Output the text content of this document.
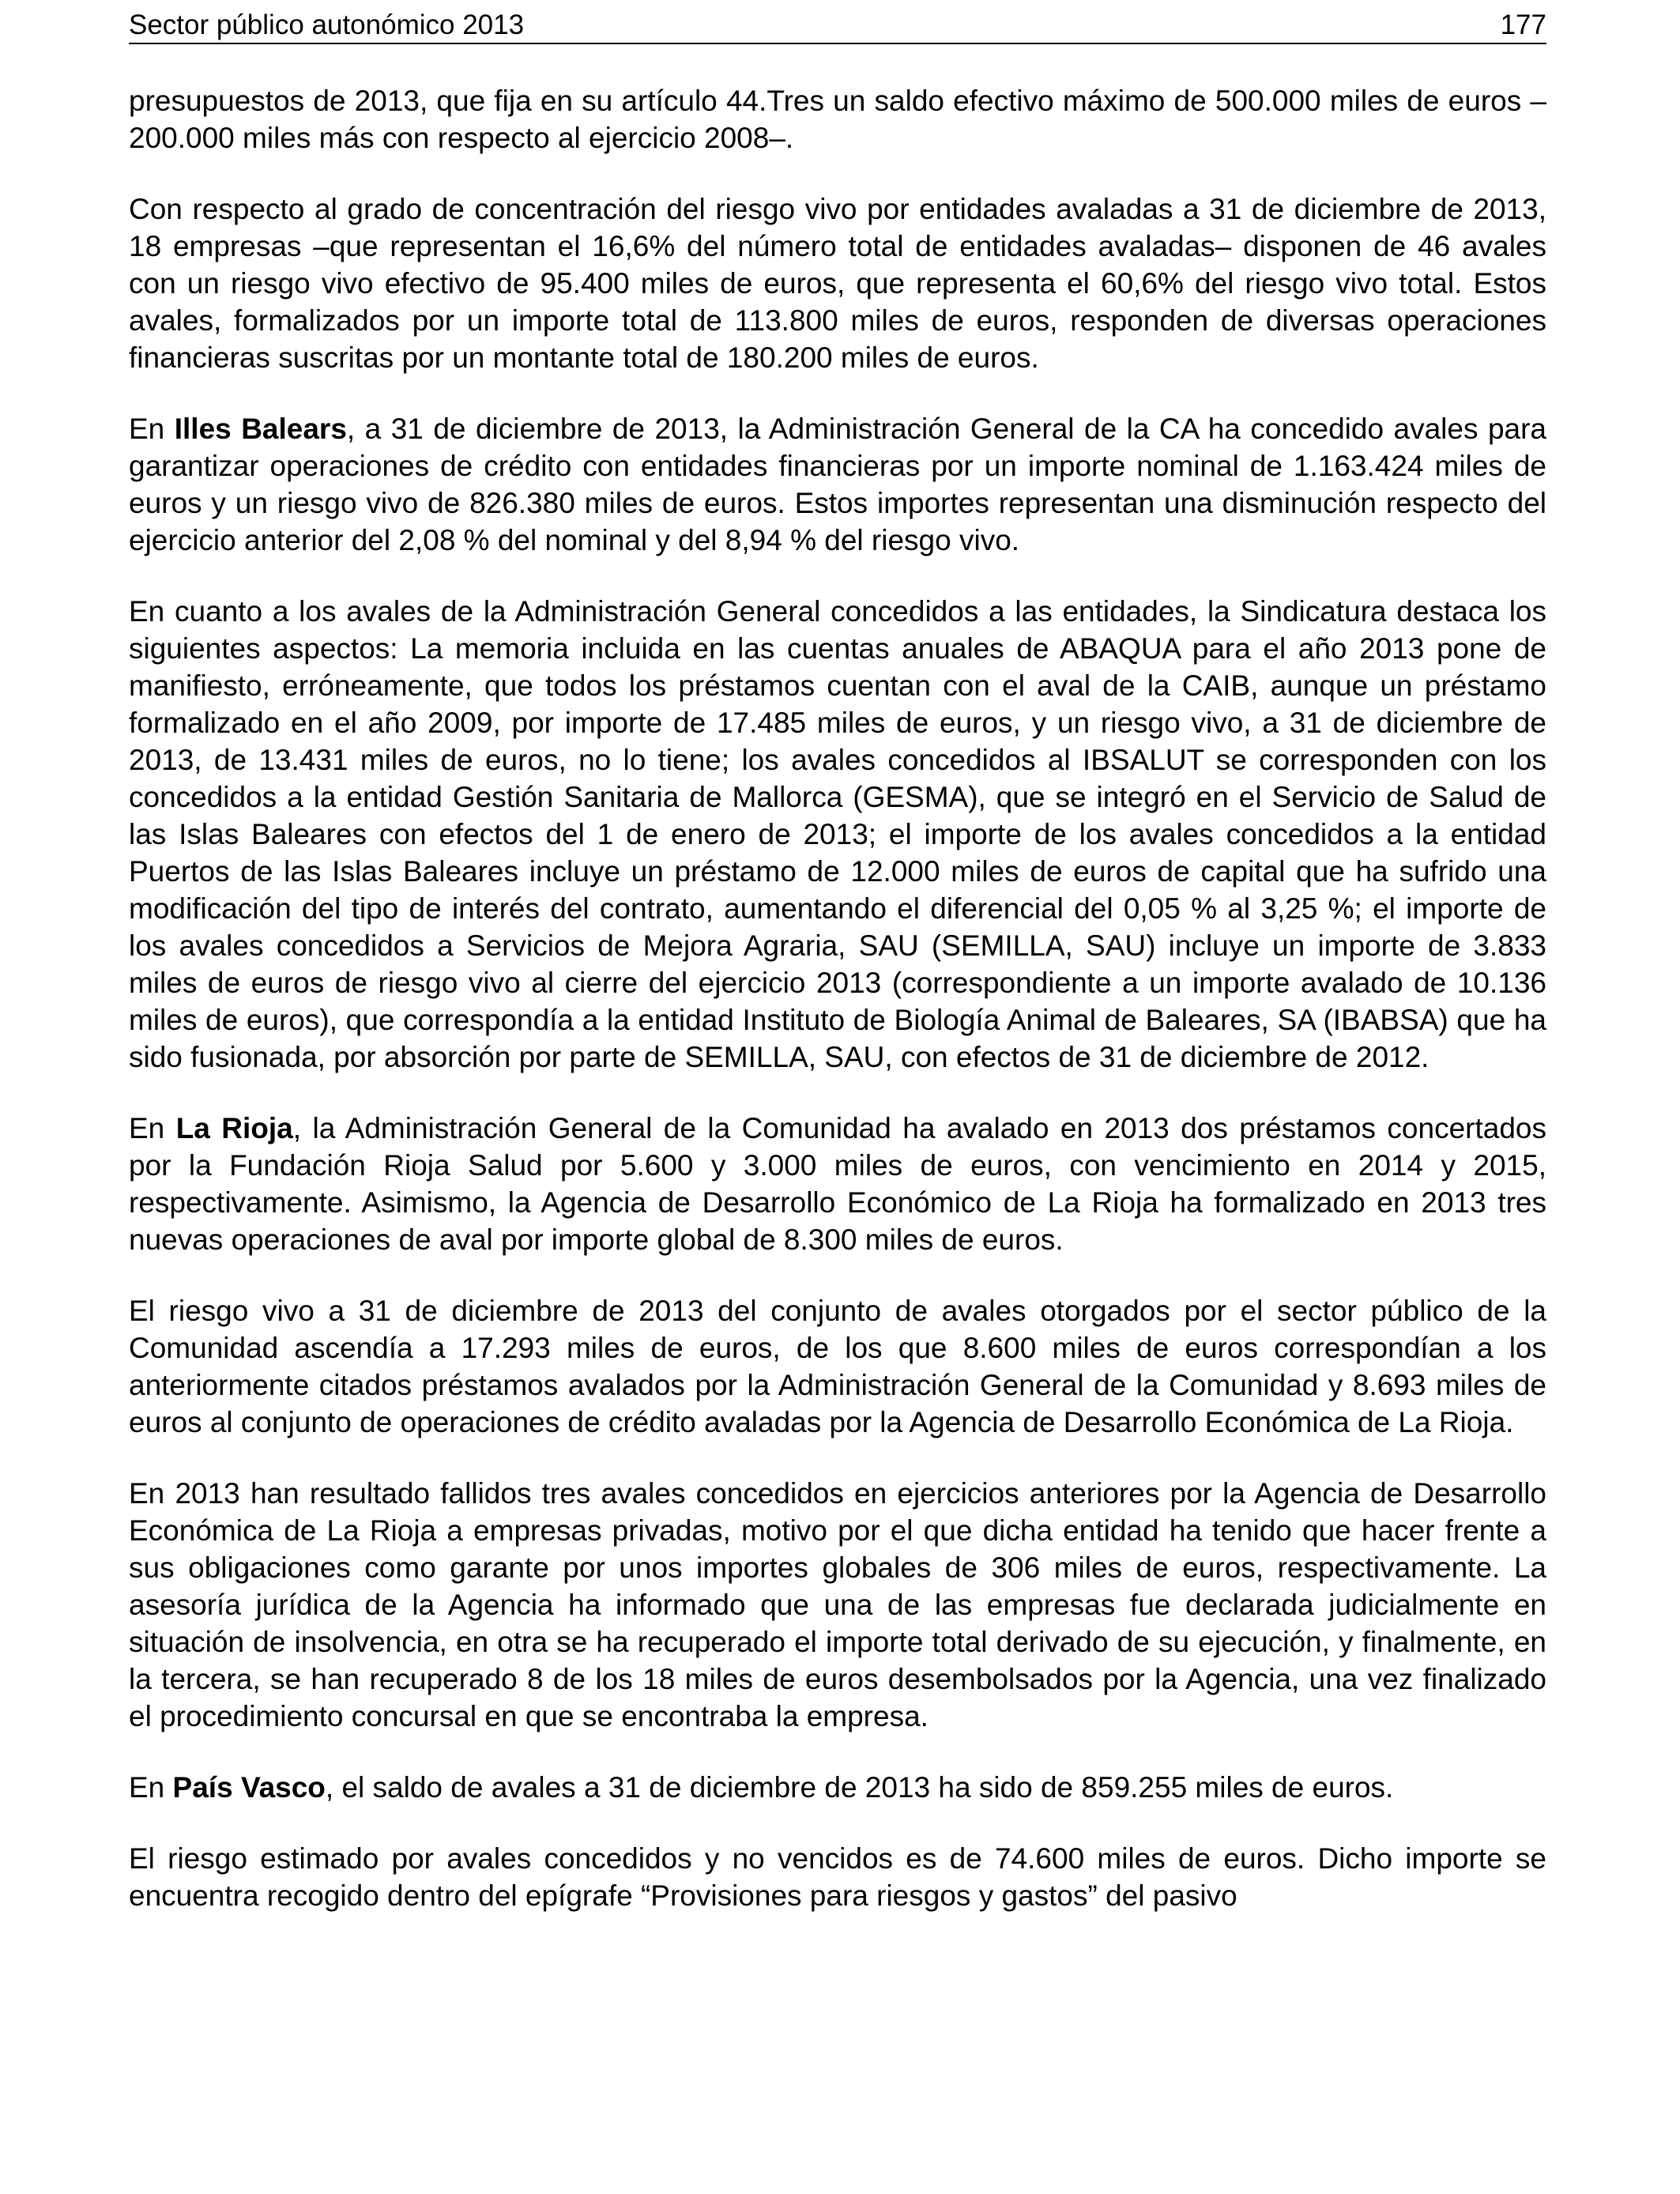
Sector público autonómico 2013	177

presupuestos de 2013, que fija en su artículo 44.Tres un saldo efectivo máximo de 500.000 miles de euros –200.000 miles más con respecto al ejercicio 2008–.

Con respecto al grado de concentración del riesgo vivo por entidades avaladas a 31 de diciembre de 2013, 18 empresas –que representan el 16,6% del número total de entidades avaladas– disponen de 46 avales con un riesgo vivo efectivo de 95.400 miles de euros, que representa el 60,6% del riesgo vivo total. Estos avales, formalizados por un importe total de 113.800 miles de euros, responden de diversas operaciones financieras suscritas por un montante total de 180.200 miles de euros.

En Illes Balears, a 31 de diciembre de 2013, la Administración General de la CA ha concedido avales para garantizar operaciones de crédito con entidades financieras por un importe nominal de 1.163.424 miles de euros y un riesgo vivo de 826.380 miles de euros. Estos importes representan una disminución respecto del ejercicio anterior del 2,08 % del nominal y del 8,94 % del riesgo vivo.

En cuanto a los avales de la Administración General concedidos a las entidades, la Sindicatura destaca los siguientes aspectos: La memoria incluida en las cuentas anuales de ABAQUA para el año 2013 pone de manifiesto, erróneamente, que todos los préstamos cuentan con el aval de la CAIB, aunque un préstamo formalizado en el año 2009, por importe de 17.485 miles de euros, y un riesgo vivo, a 31 de diciembre de 2013, de 13.431 miles de euros, no lo tiene; los avales concedidos al IBSALUT se corresponden con los concedidos a la entidad Gestión Sanitaria de Mallorca (GESMA), que se integró en el Servicio de Salud de las Islas Baleares con efectos del 1 de enero de 2013; el importe de los avales concedidos a la entidad Puertos de las Islas Baleares incluye un préstamo de 12.000 miles de euros de capital que ha sufrido una modificación del tipo de interés del contrato, aumentando el diferencial del 0,05 % al 3,25 %; el importe de los avales concedidos a Servicios de Mejora Agraria, SAU (SEMILLA, SAU) incluye un importe de 3.833 miles de euros de riesgo vivo al cierre del ejercicio 2013 (correspondiente a un importe avalado de 10.136 miles de euros), que correspondía a la entidad Instituto de Biología Animal de Baleares, SA (IBABSA) que ha sido fusionada, por absorción por parte de SEMILLA, SAU, con efectos de 31 de diciembre de 2012.

En La Rioja, la Administración General de la Comunidad ha avalado en 2013 dos préstamos concertados por la Fundación Rioja Salud por 5.600 y 3.000 miles de euros, con vencimiento en 2014 y 2015, respectivamente. Asimismo, la Agencia de Desarrollo Económico de La Rioja ha formalizado en 2013 tres nuevas operaciones de aval por importe global de 8.300 miles de euros.

El riesgo vivo a 31 de diciembre de 2013 del conjunto de avales otorgados por el sector público de la Comunidad ascendía a 17.293 miles de euros, de los que 8.600 miles de euros correspondían a los anteriormente citados préstamos avalados por la Administración General de la Comunidad y 8.693 miles de euros al conjunto de operaciones de crédito avaladas por la Agencia de Desarrollo Económica de La Rioja.

En 2013 han resultado fallidos tres avales concedidos en ejercicios anteriores por la Agencia de Desarrollo Económica de La Rioja a empresas privadas, motivo por el que dicha entidad ha tenido que hacer frente a sus obligaciones como garante por unos importes globales de 306 miles de euros, respectivamente. La asesoría jurídica de la Agencia ha informado que una de las empresas fue declarada judicialmente en situación de insolvencia, en otra se ha recuperado el importe total derivado de su ejecución, y finalmente, en la tercera, se han recuperado 8 de los 18 miles de euros desembolsados por la Agencia, una vez finalizado el procedimiento concursal en que se encontraba la empresa.

En País Vasco, el saldo de avales a 31 de diciembre de 2013 ha sido de 859.255 miles de euros.

El riesgo estimado por avales concedidos y no vencidos es de 74.600 miles de euros. Dicho importe se encuentra recogido dentro del epígrafe “Provisiones para riesgos y gastos” del pasivo
